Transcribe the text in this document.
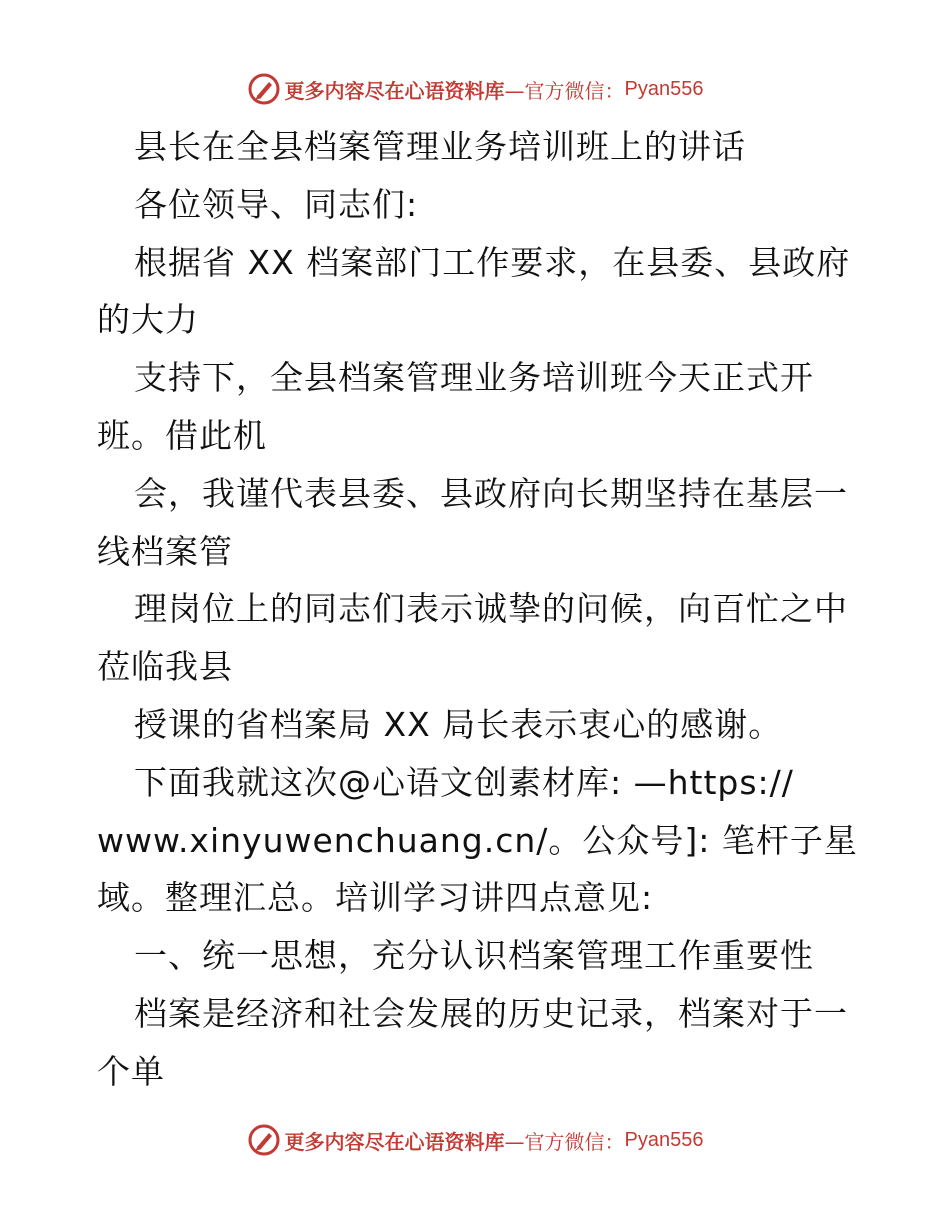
更多内容尽在心语资料库 —官方微信： Pyan556
县长在全县档案管理业务培训班上的讲话
各位领导、同志们:
根据省 XX 档案部门工作要求，在县委、县政府
的大力
支持下，全县档案管理业务培训班今天正式开
班。借此机
会，我谨代表县委、县政府向长期坚持在基层一
线档案管
理岗位上的同志们表示诚挚的问候，向百忙之中
莅临我县
授课的省档案局 XX 局长表示衷心的感谢。
下面我就这次@心语文创素材库: —https://
www.xinyuwenchuang.cn/。公众号]: 笔杆子星
域。整理汇总。培训学习讲四点意见:
一、统一思想，充分认识档案管理工作重要性
档案是经济和社会发展的历史记录，档案对于一
个单
更多内容尽在心语资料库 —官方微信： Pyan556
